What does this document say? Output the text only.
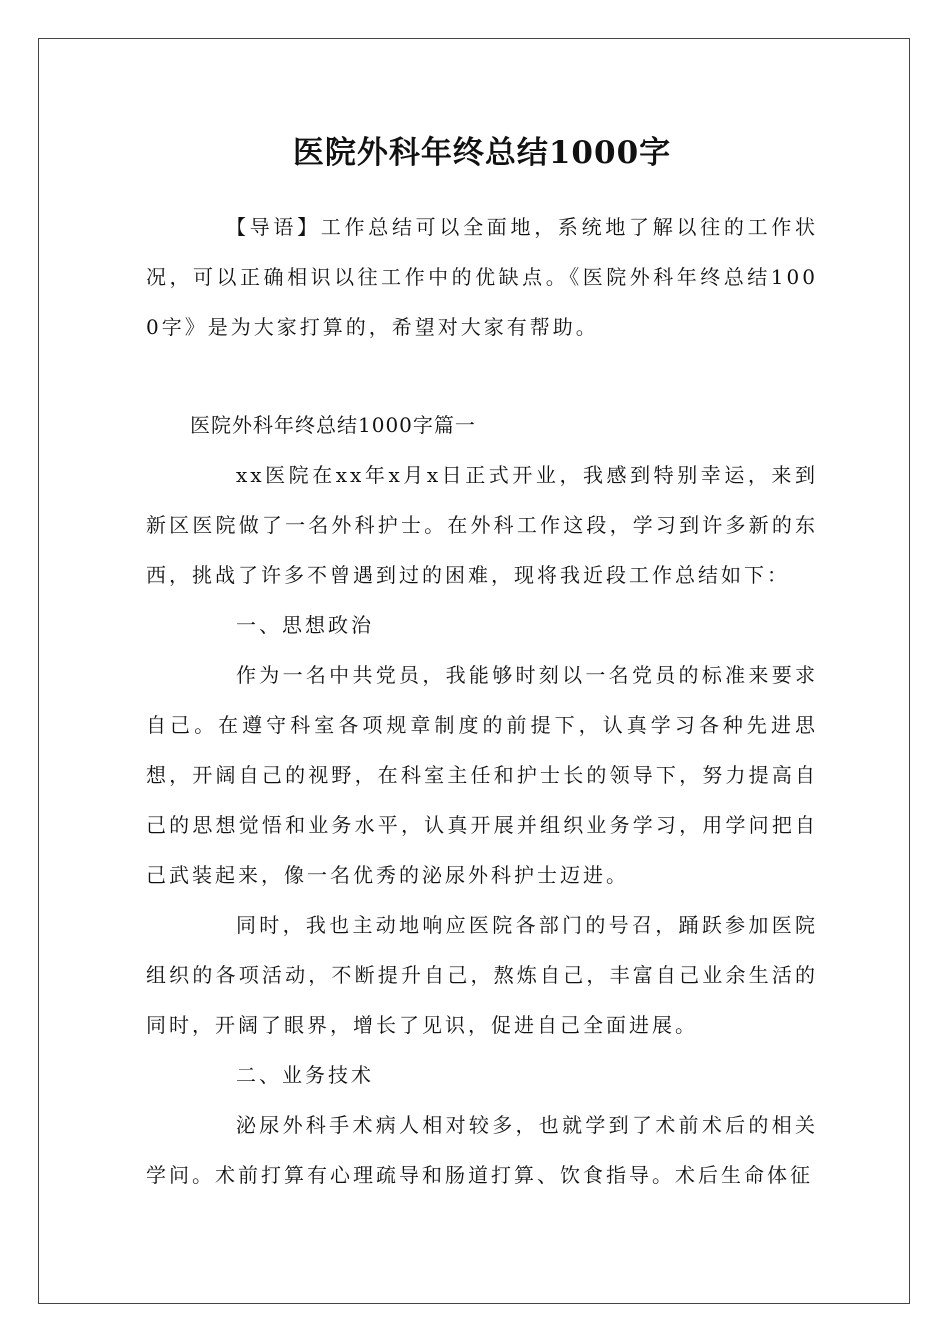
医院外科年终总结1000字

【导语】工作总结可以全面地，系统地了解以往的工作状况，可以正确相识以往工作中的优缺点。《医院外科年终总结1000字》是为大家打算的，希望对大家有帮助。

医院外科年终总结1000字篇一

xx医院在xx年x月x日正式开业，我感到特别幸运，来到新区医院做了一名外科护士。在外科工作这段，学习到许多新的东西，挑战了许多不曾遇到过的困难，现将我近段工作总结如下：

一、思想政治

作为一名中共党员，我能够时刻以一名党员的标准来要求自己。在遵守科室各项规章制度的前提下，认真学习各种先进思想，开阔自己的视野，在科室主任和护士长的领导下，努力提高自己的思想觉悟和业务水平，认真开展并组织业务学习，用学问把自己武装起来，像一名优秀的泌尿外科护士迈进。

同时，我也主动地响应医院各部门的号召，踊跃参加医院组织的各项活动，不断提升自己，熬炼自己，丰富自己业余生活的同时，开阔了眼界，增长了见识，促进自己全面进展。

二、业务技术

泌尿外科手术病人相对较多，也就学到了术前术后的相关学问。术前打算有心理疏导和肠道打算、饮食指导。术后生命体征
